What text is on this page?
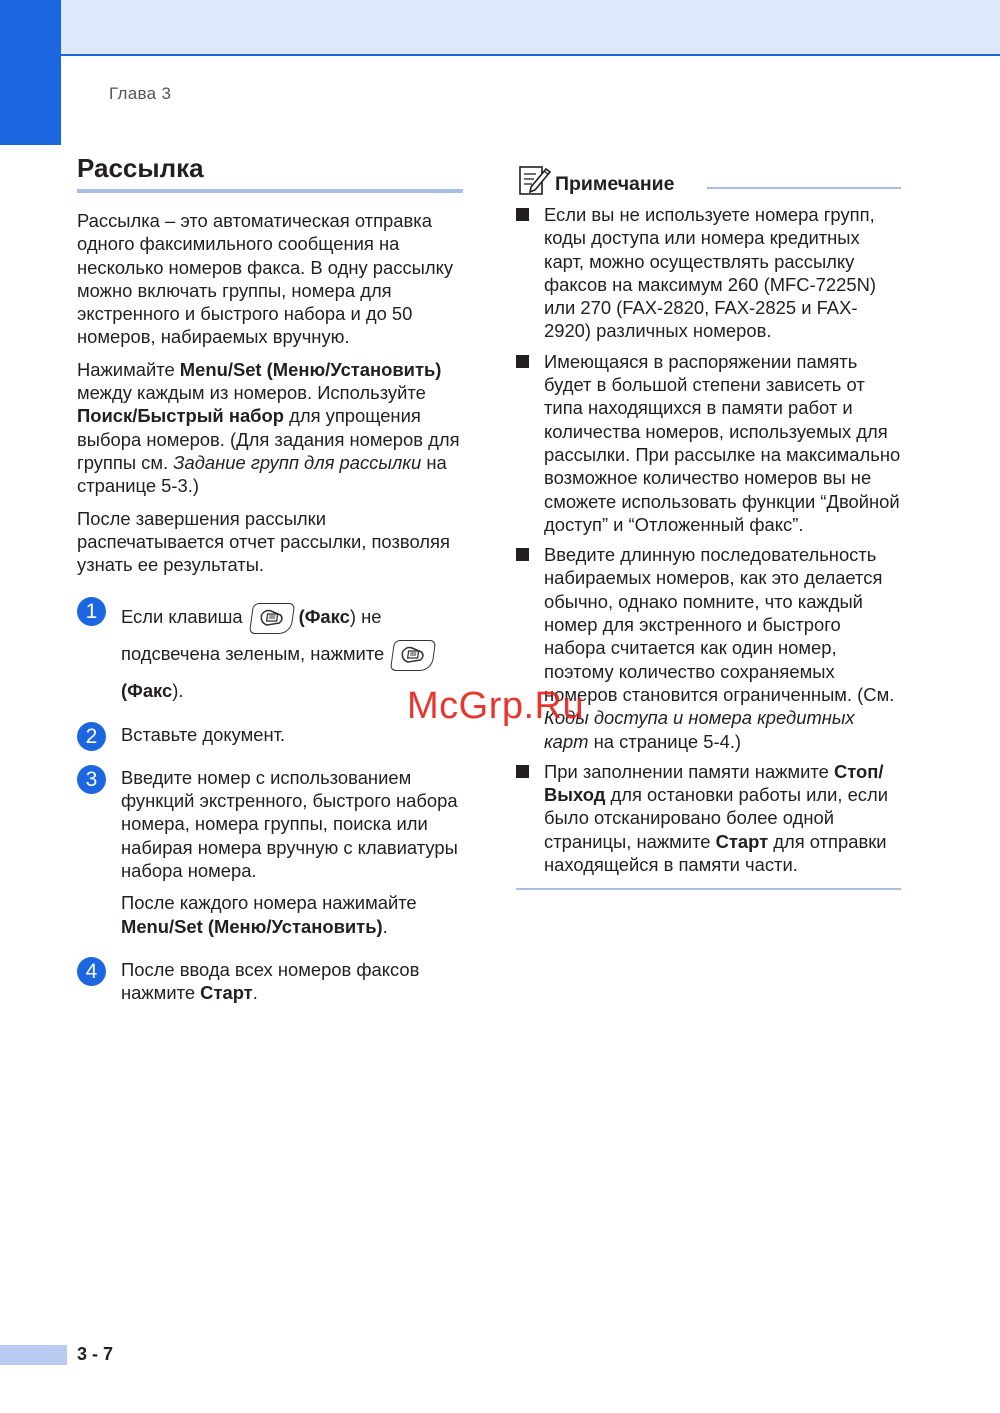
Глава 3
Рассылка

Рассылка – это автоматическая отправка одного факсимильного сообщения на несколько номеров факса. В одну рассылку можно включать группы, номера для экстренного и быстрого набора и до 50 номеров, набираемых вручную.

Нажимайте Menu/Set (Меню/Установить) между каждым из номеров. Используйте Поиск/Быстрый набор для упрощения выбора номеров. (Для задания номеров для группы см. Задание групп для рассылки на странице 5-3.)

После завершения рассылки распечатывается отчет рассылки, позволяя узнать ее результаты.

1	Если клавиша	(Факс) не подсвечена зеленым, нажмите
(Факс).

2	Вставьте документ.

3	Введите номер с использованием функций экстренного, быстрого набора номера, номера группы, поиска или набирая номера вручную с клавиатуры набора номера.

После каждого номера нажимайте Menu/Set (Меню/Установить).

4	После ввода всех номеров факсов нажмите Старт.

Примечание
Если вы не используете номера групп, коды доступа или номера кредитных карт, можно осуществлять рассылку факсов на максимум 260 (MFC-7225N) или 270 (FAX-2820, FAX-2825 и FAX-2920) различных номеров.
Имеющаяся в распоряжении память будет в большой степени зависеть от типа находящихся в памяти работ и количества номеров, используемых для рассылки. При рассылке на максимально возможное количество номеров вы не сможете использовать функции “Двойной доступ” и “Отложенный факс”.
Введите длинную последовательность набираемых номеров, как это делается обычно, однако помните, что каждый номер для экстренного и быстрого набора считается как один номер, поэтому количество сохраняемых номеров становится ограниченным. (См. Коды доступа и номера кредитных карт на странице 5-4.)
При заполнении памяти нажмите Стоп/Выход для остановки работы или, если было отсканировано более одной страницы, нажмите Старт для отправки находящейся в памяти части.
McGrp.Ru
3 - 7
